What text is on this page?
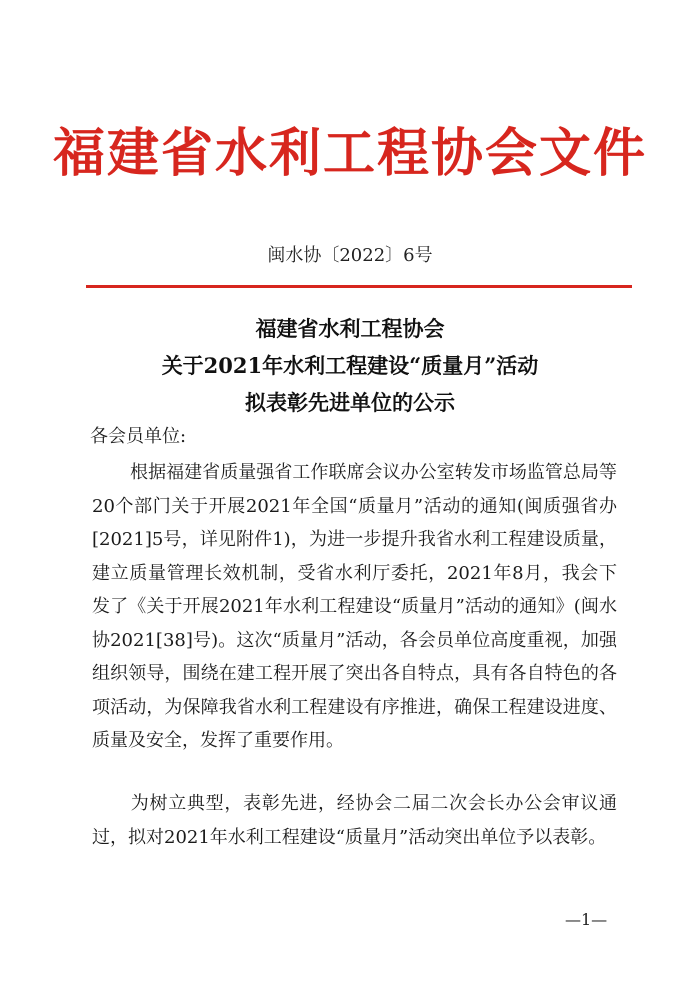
福建省水利工程协会文件
闽水协〔2022〕6号
福建省水利工程协会
关于2021年水利工程建设“质量月”活动
拟表彰先进单位的公示
各会员单位:
根据福建省质量强省工作联席会议办公室转发市场监管总局等20个部门关于开展2021年全国“质量月”活动的通知(闽质强省办[2021]5号，详见附件1)，为进一步提升我省水利工程建设质量，建立质量管理长效机制，受省水利厅委托，2021年8月，我会下发了《关于开展2021年水利工程建设“质量月”活动的通知》(闽水协2021[38]号)。这次“质量月”活动，各会员单位高度重视，加强组织领导，围绕在建工程开展了突出各自特点，具有各自特色的各项活动，为保障我省水利工程建设有序推进，确保工程建设进度、质量及安全，发挥了重要作用。
为树立典型，表彰先进，经协会二届二次会长办公会审议通过，拟对2021年水利工程建设“质量月”活动突出单位予以表彰。
—1—
